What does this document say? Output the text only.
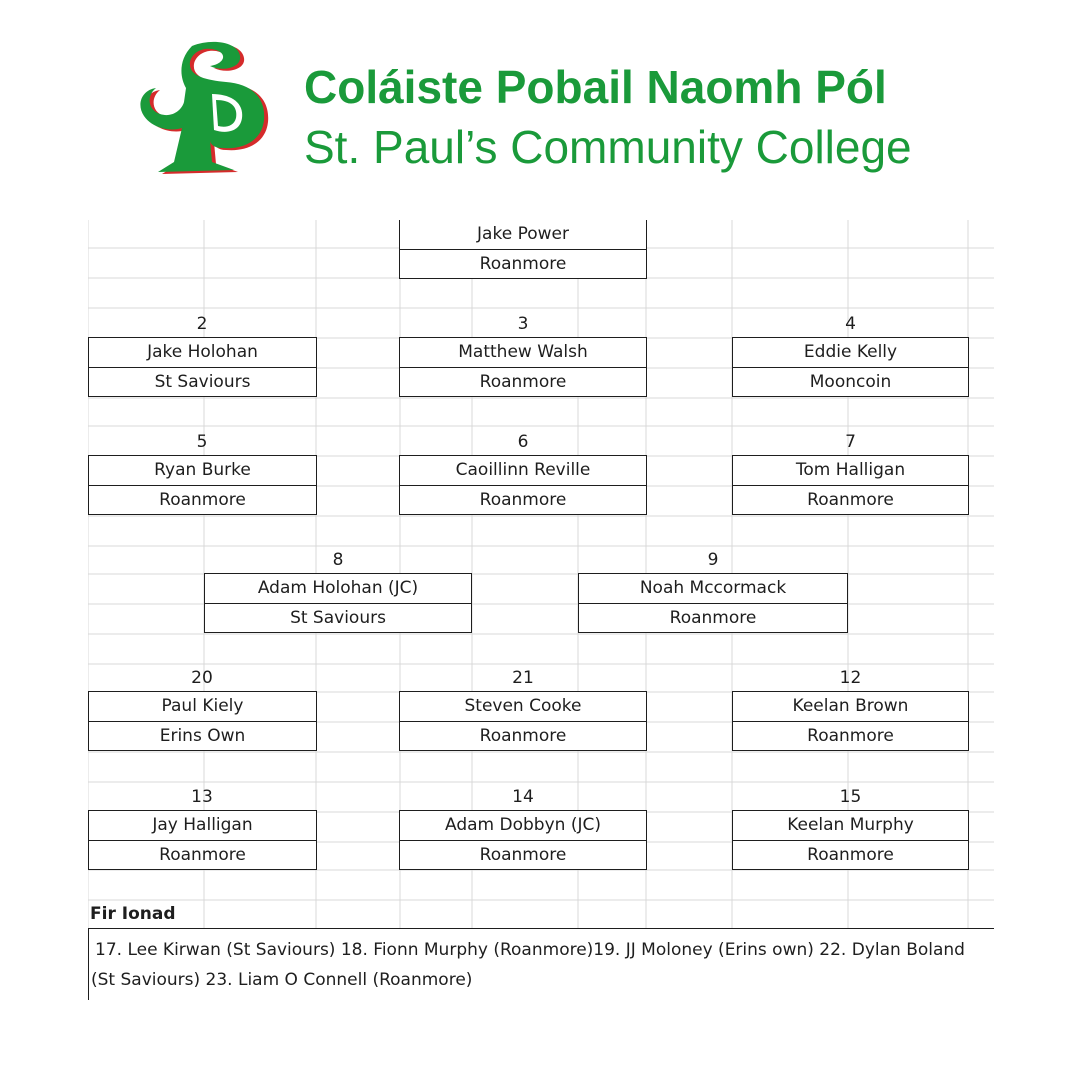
Coláiste Pobail Naomh Pól
St. Paul’s Community College
Jake Power
Roanmore
2
Jake Holohan
St Saviours
3
Matthew Walsh
Roanmore
4
Eddie Kelly
Mooncoin
5
Ryan Burke
Roanmore
6
Caoillinn Reville
Roanmore
7
Tom Halligan
Roanmore
8
Adam Holohan (JC)
St Saviours
9
Noah Mccormack
Roanmore
20
Paul Kiely
Erins Own
21
Steven Cooke
Roanmore
12
Keelan Brown
Roanmore
13
Jay Halligan
Roanmore
14
Adam Dobbyn (JC)
Roanmore
15
Keelan Murphy
Roanmore
Fir Ionad
17. Lee Kirwan (St Saviours) 18. Fionn Murphy (Roanmore)19. JJ Moloney (Erins own) 22. Dylan Boland (St Saviours) 23. Liam O Connell (Roanmore)
